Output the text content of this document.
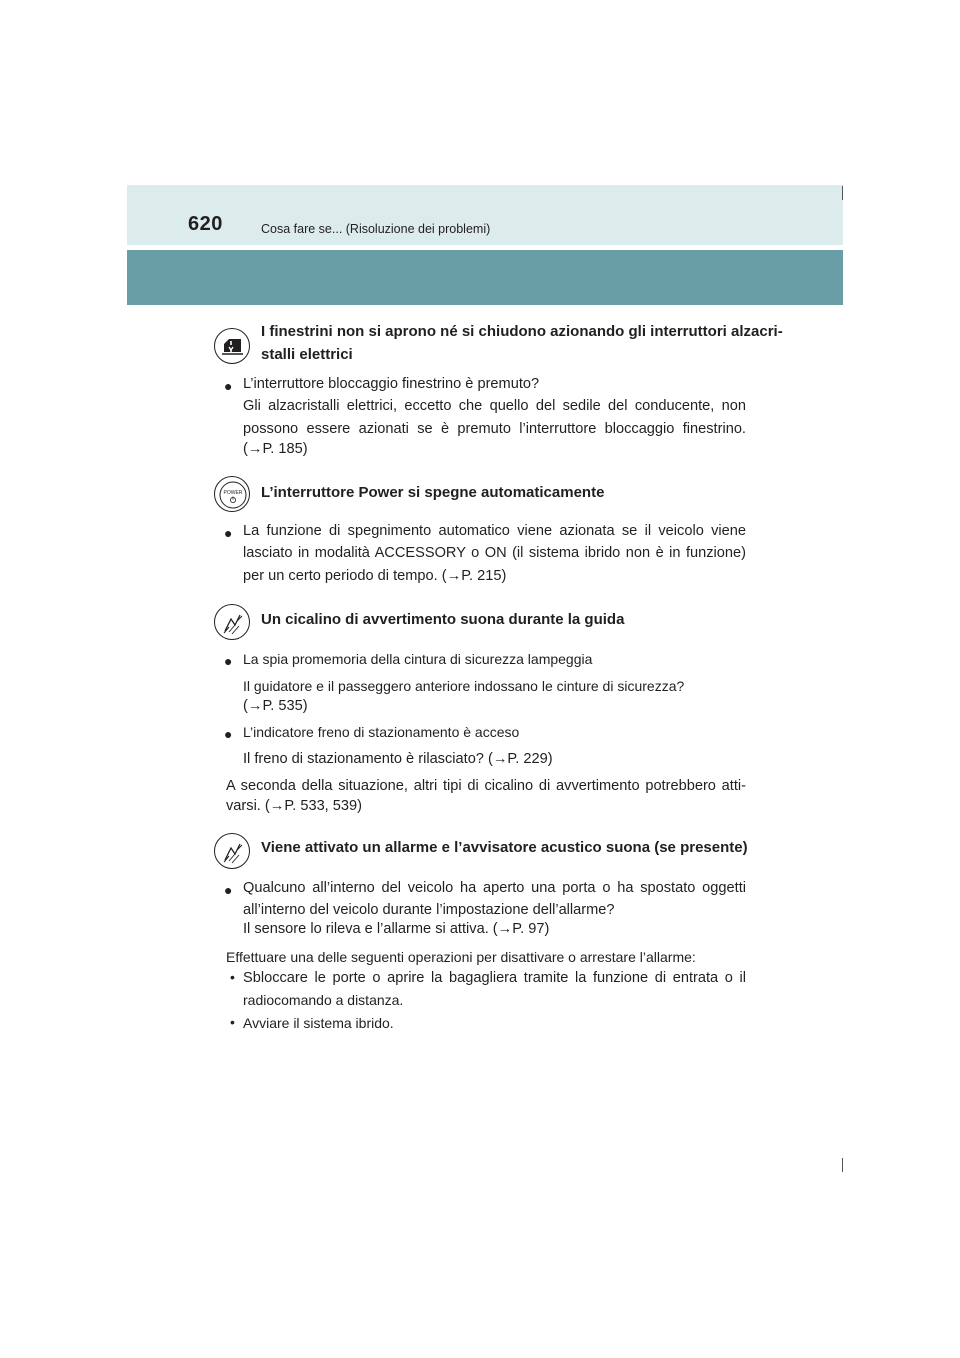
620	Cosa fare se... (Risoluzione dei problemi)
I finestrini non si aprono né si chiudono azionando gli interruttori alzacri-
stalli elettrici
● L’interruttore bloccaggio finestrino è premuto?
Gli alzacristalli elettrici, eccetto che quello del sedile del conducente, non
possono essere azionati se è premuto l’interruttore bloccaggio finestrino.
(→P. 185)
POWER L’interruttore Power si spegne automaticamente
● La funzione di spegnimento automatico viene azionata se il veicolo viene
lasciato in modalità ACCESSORY o ON (il sistema ibrido non è in funzione)
per un certo periodo di tempo. (→P. 215)
Un cicalino di avvertimento suona durante la guida
● La spia promemoria della cintura di sicurezza lampeggia
Il guidatore e il passeggero anteriore indossano le cinture di sicurezza?
(→P. 535)
● L’indicatore freno di stazionamento è acceso
Il freno di stazionamento è rilasciato? (→P. 229)
A seconda della situazione, altri tipi di cicalino di avvertimento potrebbero atti-
varsi. (→P. 533, 539)
Viene attivato un allarme e l’avvisatore acustico suona (se presente)
● Qualcuno all’interno del veicolo ha aperto una porta o ha spostato oggetti
all’interno del veicolo durante l’impostazione dell’allarme?
Il sensore lo rileva e l’allarme si attiva. (→P. 97)
Effettuare una delle seguenti operazioni per disattivare o arrestare l’allarme:
• Sbloccare le porte o aprire la bagagliera tramite la funzione di entrata o il
radiocomando a distanza.
• Avviare il sistema ibrido.
